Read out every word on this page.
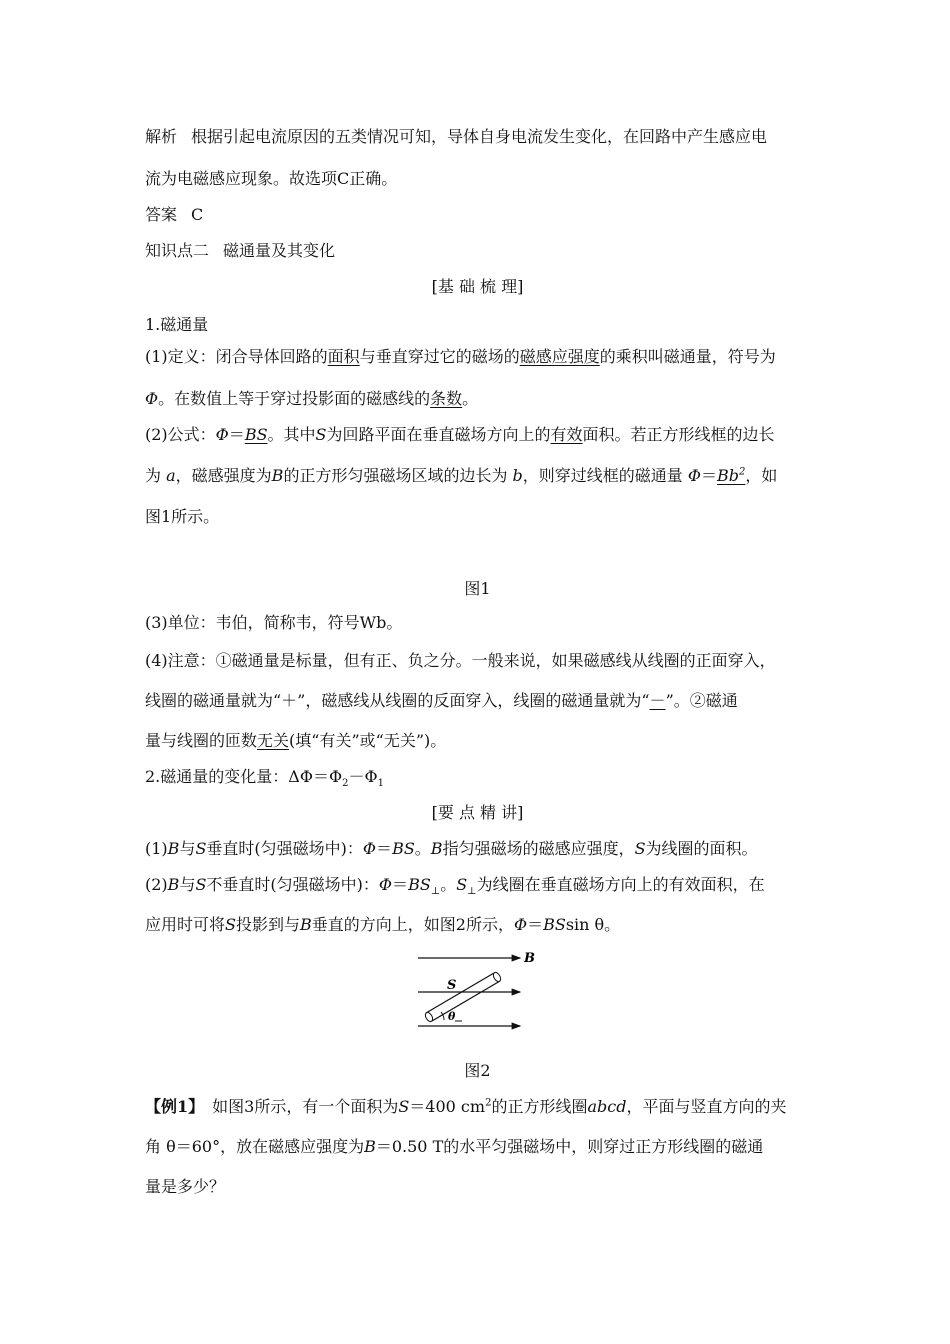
解析 根据引起电流原因的五类情况可知，导体自身电流发生变化，在回路中产生感应电
流为电磁感应现象。故选项C正确。
答案 C
知识点二 磁通量及其变化
[基 础 梳 理]
1.磁通量
(1)定义：闭合导体回路的面积与垂直穿过它的磁场的磁感应强度的乘积叫磁通量，符号为
Φ。在数值上等于穿过投影面的磁感线的条数。
(2)公式：Φ＝BS。其中S为回路平面在垂直磁场方向上的有效面积。若正方形线框的边长
为 a，磁感强度为B的正方形匀强磁场区域的边长为 b，则穿过线框的磁通量 $\Phi=Bb^2$，如
图1所示。
图1
(3)单位：韦伯，简称韦，符号Wb。
(4)注意：①磁通量是标量，但有正、负之分。一般来说，如果磁感线从线圈的正面穿入，
线圈的磁通量就为“＋”，磁感线从线圈的反面穿入，线圈的磁通量就为“－”。②磁通
量与线圈的匝数无关(填“有关”或“无关”)。
2.磁通量的变化量：$\Delta\Phi=\Phi_2-\Phi_1$
[要 点 精 讲]
(1)B与S垂直时(匀强磁场中)：Φ＝BS。B指匀强磁场的磁感应强度，S为线圈的面积。
(2)B与S不垂直时(匀强磁场中)：$\Phi=BS_\perp$。$S_\perp$为线圈在垂直磁场方向上的有效面积，在
应用时可将S投影到与B垂直的方向上，如图2所示，Φ＝BSsin θ。
B
S
θ
图2
【例1】 如图3所示，有一个面积为S＝400 $cm^2$的正方形线圈abcd，平面与竖直方向的夹
角 θ＝60°，放在磁感应强度为B＝0.50 T的水平匀强磁场中，则穿过正方形线圈的磁通
量是多少？
